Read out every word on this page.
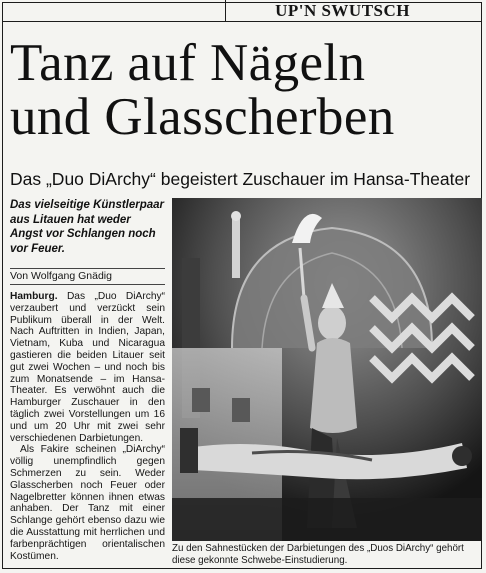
UP'N SWUTSCH
Tanz auf Nägeln
und Glasscherben
Das „Duo DiArchy“ begeistert Zuschauer im Hansa-Theater
Das vielseitige Künstlerpaar aus Litauen hat weder Angst vor Schlangen noch vor Feuer.
Von Wolfgang Gnädig

Hamburg. Das „Duo DiArchy“ verzaubert und verzückt sein Publikum überall in der Welt. Nach Auftritten in Indien, Japan, Vietnam, Kuba und Nicaragua gastieren die beiden Litauer seit gut zwei Wochen – und noch bis zum Monatsende – im Hansa-Theater. Es verwöhnt auch die Hamburger Zuschauer in den täglich zwei Vorstellungen um 16 und um 20 Uhr mit zwei sehr verschiedenen Darbietungen.

Als Fakire scheinen „DiArchy“ völlig unempfindlich gegen Schmerzen zu sein. Weder Glasscherben noch Feuer oder Nagelbretter können ihnen etwas anhaben. Der Tanz mit einer Schlange gehört ebenso dazu wie die Ausstattung mit herrlichen und farbenprächtigen orientalischen Kostümen.

Zu den Sahnestücken der Darbietungen des „Duos DiArchy“ gehört diese gekonnte Schwebe-Einstudierung.
